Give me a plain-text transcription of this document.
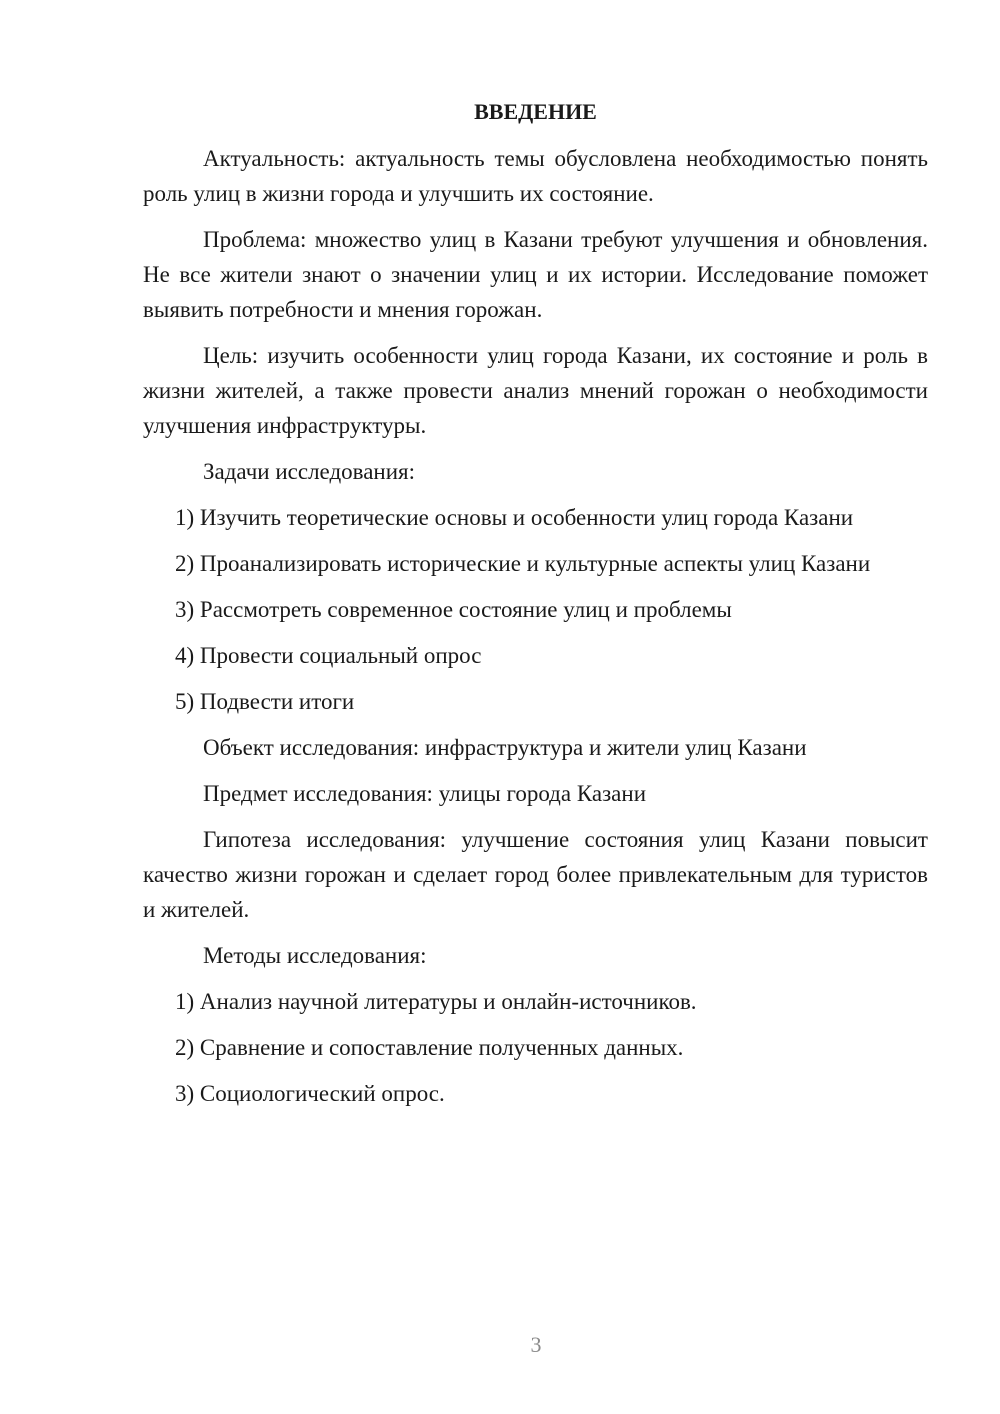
ВВЕДЕНИЕ

Актуальность: актуальность темы обусловлена необходимостью понять роль улиц в жизни города и улучшить их состояние.

Проблема: множество улиц в Казани требуют улучшения и обновления. Не все жители знают о значении улиц и их истории. Исследование поможет выявить потребности и мнения горожан.

Цель: изучить особенности улиц города Казани, их состояние и роль в жизни жителей, а также провести анализ мнений горожан о необходимости улучшения инфраструктуры.

Задачи исследования:

1) Изучить теоретические основы и особенности улиц города Казани

2) Проанализировать исторические и культурные аспекты улиц Казани

3) Рассмотреть современное состояние улиц и проблемы

4) Провести социальный опрос

5) Подвести итоги

Объект исследования: инфраструктура и жители улиц Казани

Предмет исследования: улицы города Казани

Гипотеза исследования: улучшение состояния улиц Казани повысит качество жизни горожан и сделает город более привлекательным для туристов и жителей.

Методы исследования:

1) Анализ научной литературы и онлайн-источников.

2) Сравнение и сопоставление полученных данных.

3) Социологический опрос.

3
